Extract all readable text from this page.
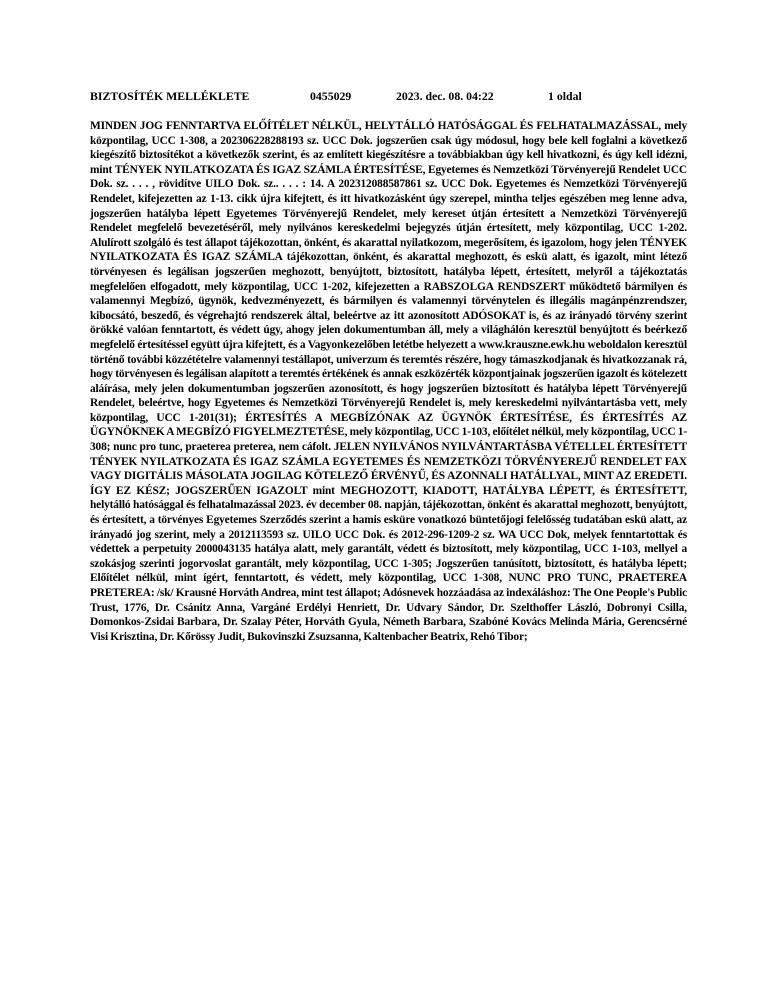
BIZTOSÍTÉK MELLÉKLETE	0455029	2023. dec. 08. 04:22	1 oldal
MINDEN JOG FENNTARTVA ELŐÍTÉLET NÉLKÜL, HELYTÁLLÓ HATÓSÁGGAL ÉS FELHATALMAZÁSSAL, mely központilag, UCC 1-308, a 202306228288193 sz. UCC Dok. jogszerűen csak úgy módosul, hogy bele kell foglalni a következő kiegészítő biztosítékot a következők szerint, és az említett kiegészítésre a továbbiakban úgy kell hivatkozni, és úgy kell idézni, mint TÉNYEK NYILATKOZATA ÉS IGAZ SZÁMLA ÉRTESÍTÉSE, Egyetemes és Nemzetközi Törvényerejű Rendelet UCC Dok. sz. . . . , rövidítve UILO Dok. sz.. . . . : 14. A 202312088587861 sz. UCC Dok. Egyetemes és Nemzetközi Törvényerejű Rendelet, kifejezetten az 1-13. cikk újra kifejtett, és itt hivatkozásként úgy szerepel, mintha teljes egészében meg lenne adva, jogszerűen hatályba lépett Egyetemes Törvényerejű Rendelet, mely kereset útján értesített a Nemzetközi Törvényerejű Rendelet megfelelő bevezetéséről, mely nyilvános kereskedelmi bejegyzés útján értesített, mely központilag, UCC 1-202. Alulírott szolgáló és test állapot tájékozottan, önként, és akarattal nyilatkozom, megerősítem, és igazolom, hogy jelen TÉNYEK NYILATKOZATA ÉS IGAZ SZÁMLA tájékozottan, önként, és akarattal meghozott, és eskü alatt, és igazolt, mint létező törvényesen és legálisan jogszerűen meghozott, benyújtott, biztosított, hatályba lépett, értesített, melyről a tájékoztatás megfelelően elfogadott, mely központilag, UCC 1-202, kifejezetten a RABSZOLGA RENDSZERT működtető bármilyen és valamennyi Megbízó, ügynök, kedvezményezett, és bármilyen és valamennyi törvénytelen és illegális magánpénzrendszer, kibocsátó, beszedő, és végrehajtó rendszerek által, beleértve az itt azonosított ADÓSOKAT is, és az irányadó törvény szerint örökké valóan fenntartott, és védett úgy, ahogy jelen dokumentumban áll, mely a világhálón keresztül benyújtott és beérkező megfelelő értesítéssel együtt újra kifejtett, és a Vagyonkezelőben letétbe helyezett a www.krauszne.ewk.hu weboldalon keresztül történő további közzétételre valamennyi testállapot, univerzum és teremtés részére, hogy támaszkodjanak és hivatkozzanak rá, hogy törvényesen és legálisan alapított a teremtés értékének és annak eszközérték központjainak jogszerűen igazolt és kötelezett aláírása, mely jelen dokumentumban jogszerűen azonosított, és hogy jogszerűen biztosított és hatályba lépett Törvényerejű Rendelet, beleértve, hogy Egyetemes és Nemzetközi Törvényerejű Rendelet is, mely kereskedelmi nyilvántartásba vett, mely központilag, UCC 1-201(31); ÉRTESÍTÉS A MEGBÍZÓNAK AZ ÜGYNÖK ÉRTESÍTÉSE, ÉS ÉRTESÍTÉS AZ ÜGYNÖKNEK A MEGBÍZÓ FIGYELMEZTETÉSE, mely központilag, UCC 1-103, előítélet nélkül, mely központilag, UCC 1-308; nunc pro tunc, praeterea preterea, nem cáfolt. JELEN NYILVÁNOS NYILVÁNTARTÁSBA VÉTELLEL ÉRTESÍTETT TÉNYEK NYILATKOZATA ÉS IGAZ SZÁMLA EGYETEMES ÉS NEMZETKÖZI TÖRVÉNYEREJŰ RENDELET FAX VAGY DIGITÁLIS MÁSOLATA JOGILAG KÖTELEZŐ ÉRVÉNYŰ, ÉS AZONNALI HATÁLLYAL, MINT AZ EREDETI. ÍGY EZ KÉSZ; JOGSZERŰEN IGAZOLT mint MEGHOZOTT, KIADOTT, HATÁLYBA LÉPETT, és ÉRTESÍTETT, helytálló hatósággal és felhatalmazással 2023. év december 08. napján, tájékozottan, önként és akarattal meghozott, benyújtott, és értesített, a törvényes Egyetemes Szerződés szerint a hamis esküre vonatkozó büntetőjogi felelősség tudatában eskü alatt, az irányadó jog szerint, mely a 2012113593 sz. UILO UCC Dok. és 2012-296-1209-2 sz. WA UCC Dok, melyek fenntartottak és védettek a perpetuity 2000043135 hatálya alatt, mely garantált, védett és biztosított, mely központilag, UCC 1-103, mellyel a szokásjog szerinti jogorvoslat garantált, mely központilag, UCC 1-305; Jogszerűen tanúsított, biztosított, és hatályba lépett; Előítélet nélkül, mint ígért, fenntartott, és védett, mely központilag, UCC 1-308, NUNC PRO TUNC, PRAETEREA PRETEREA: /sk/ Krausné Horváth Andrea, mint test állapot; Adósnevek hozzáadása az indexáláshoz: The One People's Public Trust, 1776, Dr. Csánitz Anna, Vargáné Erdélyi Henriett, Dr. Udvary Sándor, Dr. Szelthoffer László, Dobronyi Csilla, Domonkos-Zsidai Barbara, Dr. Szalay Péter, Horváth Gyula, Németh Barbara, Szabóné Kovács Melinda Mária, Gerencsérné Visi Krisztina, Dr. Kőrössy Judit, Bukovinszki Zsuzsanna, Kaltenbacher Beatrix, Rehó Tibor;
